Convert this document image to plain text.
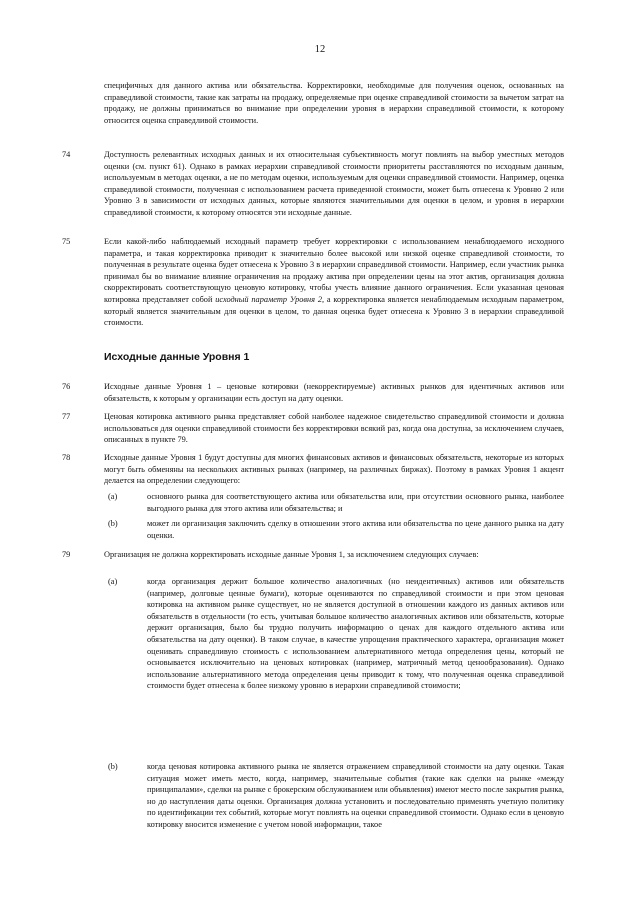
12
специфичных для данного актива или обязательства. Корректировки, необходимые для получения оценок, основанных на справедливой стоимости, такие как затраты на продажу, определяемые при оценке справедливой стоимости за вычетом затрат на продажу, не должны приниматься во внимание при определении уровня в иерархии справедливой стоимости, к которому относится оценка справедливой стоимости.
74	Доступность релевантных исходных данных и их относительная субъективность могут повлиять на выбор уместных методов оценки (см. пункт 61). Однако в рамках иерархии справедливой стоимости приоритеты расставляются по исходным данным, используемым в методах оценки, а не по методам оценки, используемым для оценки справедливой стоимости. Например, оценка справедливой стоимости, полученная с использованием расчета приведенной стоимости, может быть отнесена к Уровню 2 или Уровню 3 в зависимости от исходных данных, которые являются значительными для оценки в целом, и уровня в иерархии справедливой стоимости, к которому относятся эти исходные данные.
75	Если какой-либо наблюдаемый исходный параметр требует корректировки с использованием ненаблюдаемого исходного параметра, и такая корректировка приводит к значительно более высокой или низкой оценке справедливой стоимости, то полученная в результате оценка будет отнесена к Уровню 3 в иерархии справедливой стоимости. Например, если участник рынка принимал бы во внимание влияние ограничения на продажу актива при определении цены на этот актив, организация должна скорректировать соответствующую ценовую котировку, чтобы учесть влияние данного ограничения. Если указанная ценовая котировка представляет собой исходный параметр Уровня 2, а корректировка является ненаблюдаемым исходным параметром, который является значительным для оценки в целом, то данная оценка будет отнесена к Уровню 3 в иерархии справедливой стоимости.
Исходные данные Уровня 1
76	Исходные данные Уровня 1 – ценовые котировки (некорректируемые) активных рынков для идентичных активов или обязательств, к которым у организации есть доступ на дату оценки.
77	Ценовая котировка активного рынка представляет собой наиболее надежное свидетельство справедливой стоимости и должна использоваться для оценки справедливой стоимости без корректировки всякий раз, когда она доступна, за исключением случаев, описанных в пункте 79.
78	Исходные данные Уровня 1 будут доступны для многих финансовых активов и финансовых обязательств, некоторые из которых могут быть обменяны на нескольких активных рынках (например, на различных биржах). Поэтому в рамках Уровня 1 акцент делается на определении следующего:
(a)	основного рынка для соответствующего актива или обязательства или, при отсутствии основного рынка, наиболее выгодного рынка для этого актива или обязательства; и
(b)	может ли организация заключить сделку в отношении этого актива или обязательства по цене данного рынка на дату оценки.
79	Организация не должна корректировать исходные данные Уровня 1, за исключением следующих случаев:
(a)	когда организация держит большое количество аналогичных (но неидентичных) активов или обязательств (например, долговые ценные бумаги), которые оцениваются по справедливой стоимости и при этом ценовая котировка на активном рынке существует, но не является доступной в отношении каждого из данных активов или обязательств в отдельности (то есть, учитывая большое количество аналогичных активов или обязательств, которые держит организация, было бы трудно получить информацию о ценах для каждого отдельного актива или обязательства на дату оценки). В таком случае, в качестве упрощения практического характера, организация может оценивать справедливую стоимость с использованием альтернативного метода определения цены, который не основывается исключительно на ценовых котировках (например, матричный метод ценообразования). Однако использование альтернативного метода определения цены приводит к тому, что полученная оценка справедливой стоимости будет отнесена к более низкому уровню в иерархии справедливой стоимости;
(b)	когда ценовая котировка активного рынка не является отражением справедливой стоимости на дату оценки. Такая ситуация может иметь место, когда, например, значительные события (такие как сделки на рынке «между принципалами», сделки на рынке с брокерским обслуживанием или объявления) имеют место после закрытия рынка, но до наступления даты оценки. Организация должна установить и последовательно применять учетную политику по идентификации тех событий, которые могут повлиять на оценки справедливой стоимости. Однако если в ценовую котировку вносится изменение с учетом новой информации, такое
